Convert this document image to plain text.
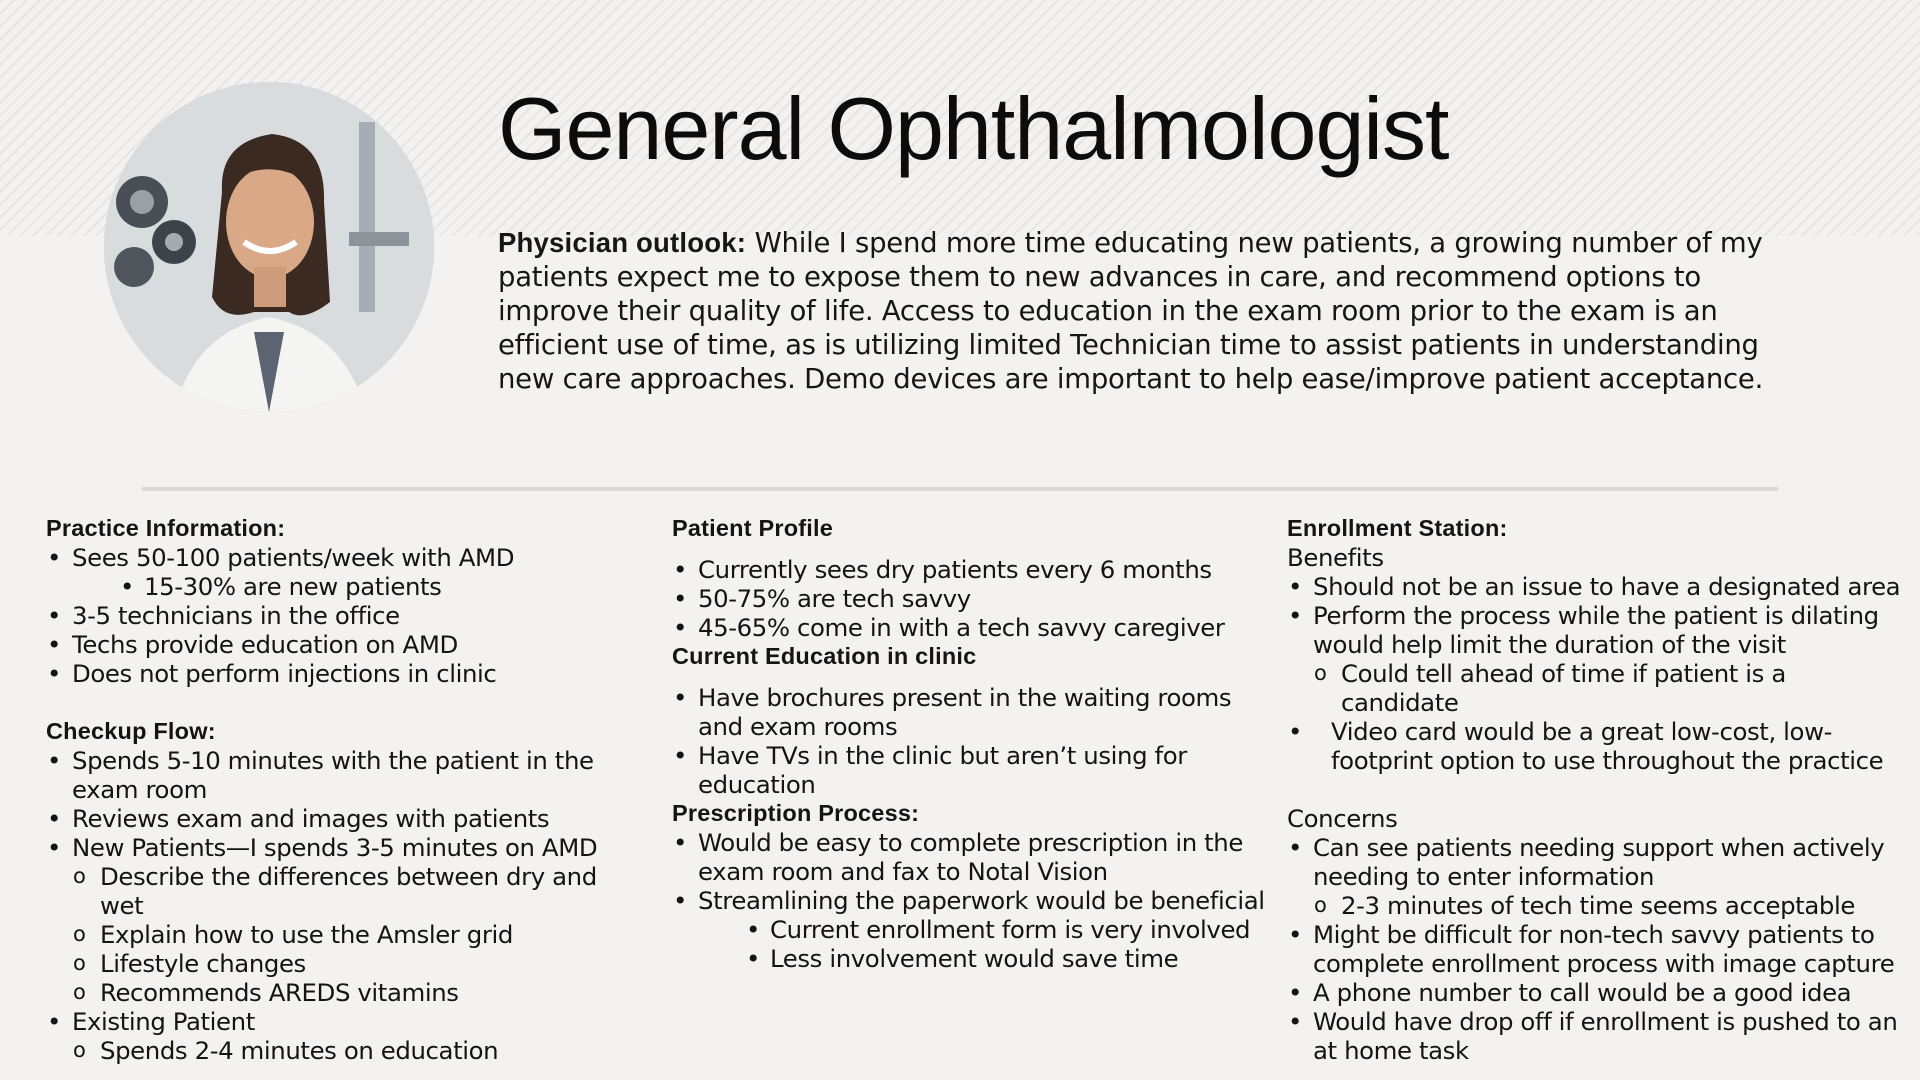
General Ophthalmologist
Physician outlook: While I spend more time educating new patients, a growing number of my patients expect me to expose them to new advances in care, and recommend options to improve their quality of life. Access to education in the exam room prior to the exam is an efficient use of time, as is utilizing limited Technician time to assist patients in understanding new care approaches. Demo devices are important to help ease/improve patient acceptance.
Practice Information:
• Sees 50-100 patients/week with AMD
• 15-30% are new patients
• 3-5 technicians in the office
• Techs provide education on AMD
• Does not perform injections in clinic
Checkup Flow:
• Spends 5-10 minutes with the patient in the exam room
• Reviews exam and images with patients
• New Patients—I spends 3-5 minutes on AMD
o Describe the differences between dry and wet
o Explain how to use the Amsler grid
o Lifestyle changes
o Recommends AREDS vitamins
• Existing Patient
o Spends 2-4 minutes on education
Patient Profile
• Currently sees dry patients every 6 months
• 50-75% are tech savvy
• 45-65% come in with a tech savvy caregiver
Current Education in clinic
• Have brochures present in the waiting rooms and exam rooms
• Have TVs in the clinic but aren’t using for education
Prescription Process:
• Would be easy to complete prescription in the exam room and fax to Notal Vision
• Streamlining the paperwork would be beneficial
• Current enrollment form is very involved
• Less involvement would save time
Enrollment Station:
Benefits
• Should not be an issue to have a designated area
• Perform the process while the patient is dilating would help limit the duration of the visit
o Could tell ahead of time if patient is a candidate
• Video card would be a great low-cost, low-footprint option to use throughout the practice
Concerns
• Can see patients needing support when actively needing to enter information
o 2-3 minutes of tech time seems acceptable
• Might be difficult for non-tech savvy patients to complete enrollment process with image capture
• A phone number to call would be a good idea
• Would have drop off if enrollment is pushed to an at home task
